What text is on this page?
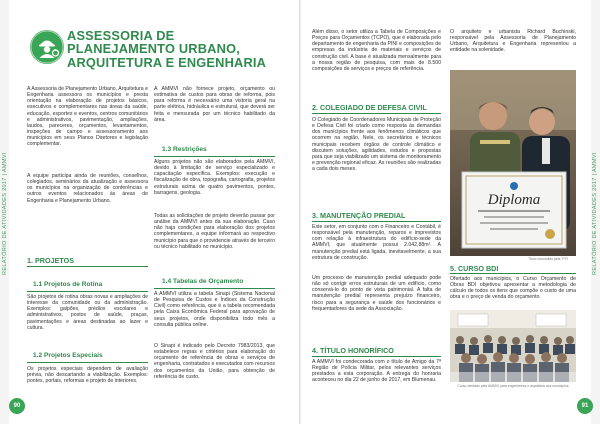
RELATÓRIO DE ATIVIDADES 2017 | AMMVI	RELATÓRIO DE ATIVIDADES 2017 | AMMVI
ASSESSORIA DE PLANEJAMENTO URBANO, ARQUITETURA E ENGENHARIA

A Assessoria de Planejamento Urbano, Arquitetura e Engenharia assessora os municípios e presta orientação na elaboração de projetos básicos, executivos e complementares nas áreas da saúde, educação, esportes e eventos, centros comunitários e administrativos, pavimentação, ampliações, laudos, pareceres, orçamentos, levantamentos, inspeções de campo e assessoramento aos municípios em seus Planos Diretores e legislação complementar.

A equipe participa ainda de reuniões, conselhos, colegiados, seminários da atualização e assessora os municípios na organização de conferências e outros eventos relacionados às áreas de Engenharia e Planejamento Urbano.

1. PROJETOS
1.1 Projetos de Rotina

São projetos de rotina obras novas e ampliações de interesse da comunidade ou da administração. Exemplos: galpões, prédios escolares e administrativos, postos de saúde, praças, pavimentações e áreas destinadas ao lazer e cultura.

1.2 Projetos Especiais

Os projetos especiais dependem de avaliação prévia, não descartando a viabilização. Exemplos: pontes, portais, reformas e projeto de interiores.

A AMMVI não fornece projeto, orçamento ou estimativa de custos para obras de reforma, pois para reforma é necessário uma vistoria geral na parte elétrica, hidráulica e estrutural, que deverá ser feita e mensurada por um técnico habilitado da área.

1.3 Restrições

Alguns projetos não são elaborados pela AMMVI, devido à limitação de serviço especializado e capacitação específica. Exemplos: execução e fiscalização de obra, topografia, cartografia, projetos estruturais acima de quatro pavimentos, pontes, barragens, geologia.

Todas as solicitações de projeto deverão passar por análise da AMMVI antes da sua elaboração. Caso não haja condições para elaboração dos projetos complementares, a equipe informará ao respectivo município para que o providencie através de terceiro ou técnico habilitado no município.

1.4 Tabelas de Orçamento

A AMMVI utiliza a tabela Sinapi (Sistema Nacional de Pesquisa de Custos e Índices da Construção Civil) como referência, que é a tabela recomendada pela Caixa Econômica Federal para aprovação de seus projetos, onde disponibiliza todo mês a consulta pública online.

O Sinapi é indicado pelo Decreto 7983/2013, que estabelece regras e critérios para elaboração do orçamento de referência de obras e serviços de engenharia, contratados e executados com recursos dos orçamentos da União, para obtenção de referência de custo.

90

Além disso, o setor utiliza a Tabela de Composições e Preços para Orçamentos (TCPO), que é elaborada pelo departamento de engenharia da PINI e composições de empresas da indústria de materiais e serviços de construção civil. A base é atualizada mensalmente para a nossa região de pesquisa, com mais de 8.500 composições de serviços e preços de referência.

2. COLEGIADO DE DEFESA CIVIL

O Colegiado de Coordenadores Municipais de Proteção e Defesa Civil foi criado como resposta às demandas dos municípios frente aos fenômenos climáticos que ocorrem na região. Nele, os secretários e técnicos municipais recebem órgãos de controle climático e discutem soluções, agilidades, estudos e propostas para que seja viabilizado um sistema de monitoramento e prevenção regional eficaz. As reuniões são realizadas a cada dois meses.

3. MANUTENÇÃO PREDIAL

Este setor, em conjunto com o Financeiro e Contábil, é responsável pela manutenção, reparos e imprevistos com relação à infraestrutura do edifício-sede da AMMVI, que atualmente possui 2.042,88m². A manutenção predial está ligada, inevitavelmente, a sua estrutura de construção.

Um processo de manutenção predial adequado pode não só corrigir erros estruturais de um edifício, como conservá-lo do ponto de vista patrimonial. A falta de manutenção predial representa prejuízo financeiro, risco para a segurança e saúde dos funcionários e frequentadores da sede da Associação.

4. TÍTULO HONORÍFICO

A AMMVI foi condecorada com o título de Amigo da 7ª Região de Polícia Militar, pelos relevantes serviços prestados a esta corporação. A entrega do honraria aconteceu no dia 22 de junho de 2017, em Blumenau.

O arquiteto e urbanista Richard Buchinski, responsável pela Assessoria de Planejamento Urbano, Arquitetura e Engenharia representou a entidade na solenidade.

Diploma
Título concedido pela 7ª R
5. CURSO BDI

Ofertado aos municípios, o Curso Orçamento de Obras BDI objetivou apresentar a metodologia de cálculo de todos os itens que compõe o custo de uma obra e o preço de venda do orçamento.

Curso ofertado pela AMMVI para engenheiros e arquitetos dos municípios
91
